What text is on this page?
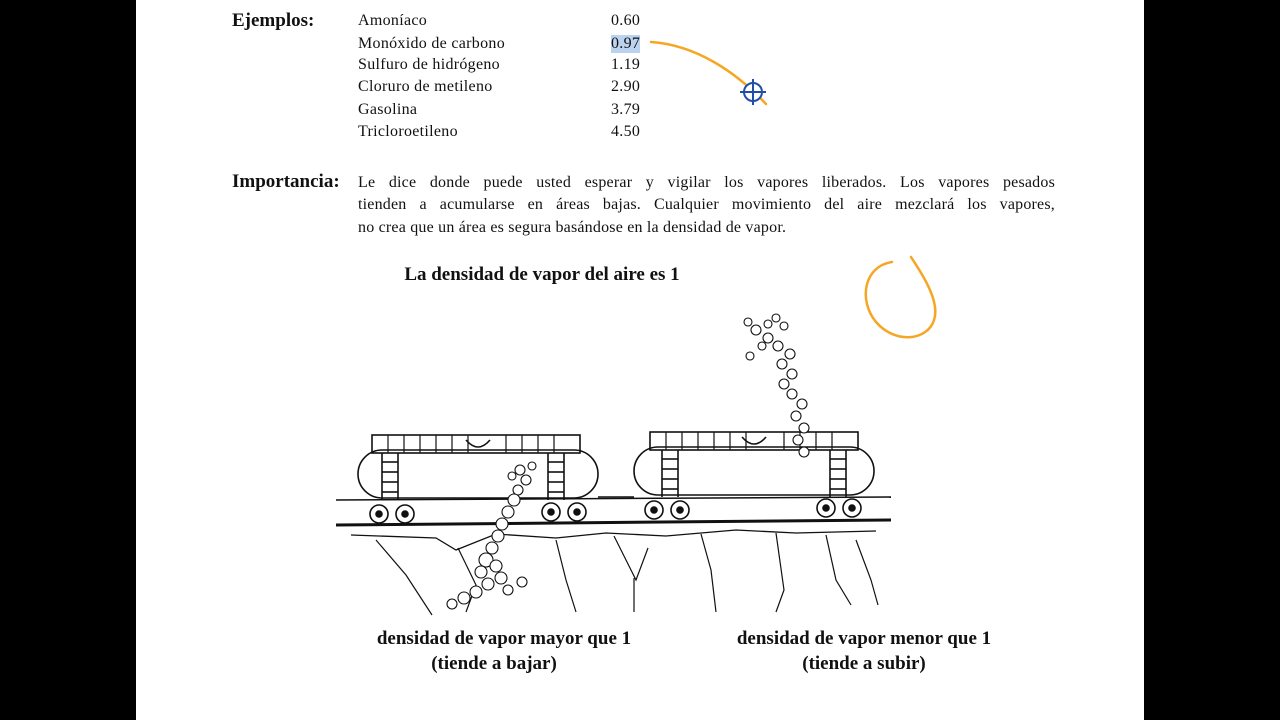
Ejemplos:	Amoníaco	0.60
Monóxido de carbono	0.97
Sulfuro de hidrógeno	1.19
Cloruro de metileno	2.90
Gasolina	3.79
Tricloroetileno	4.50
Importancia: Le dice donde puede usted esperar y vigilar los vapores liberados. Los vapores pesados
tienden a acumularse en áreas bajas. Cualquier movimiento del aire mezclará los vapores,
no crea que un área es segura basándose en la densidad de vapor.
La densidad de vapor del aire es 1
densidad de vapor mayor que 1
(tiende a bajar)
densidad de vapor menor que 1
(tiende a subir)
